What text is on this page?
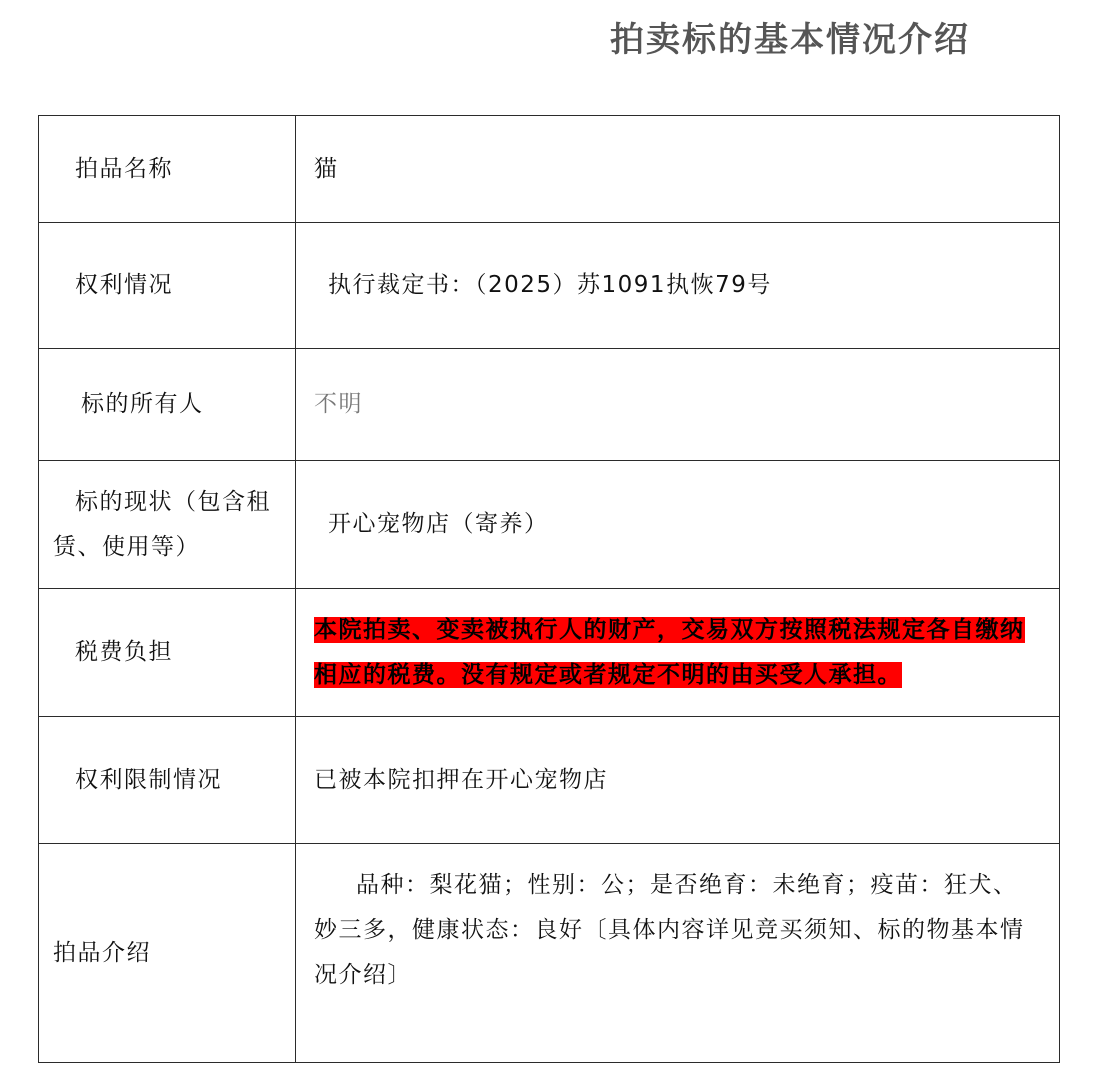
拍卖标的基本情况介绍
拍品名称	猫

权利情况	执行裁定书：（2025）苏1091执恢79号

标的所有人	不明

标的现状（包含租赁、使用等）	开心宠物店（寄养）

税费负担	本院拍卖、变卖被执行人的财产，交易双方按照税法规定各自缴纳相应的税费。没有规定或者规定不明的由买受人承担。

权利限制情况	已被本院扣押在开心宠物店

拍品介绍	品种：梨花猫；性别：公；是否绝育：未绝育；疫苗：狂犬、妙三多，健康状态：良好〔具体内容详见竞买须知、标的物基本情况介绍〕
